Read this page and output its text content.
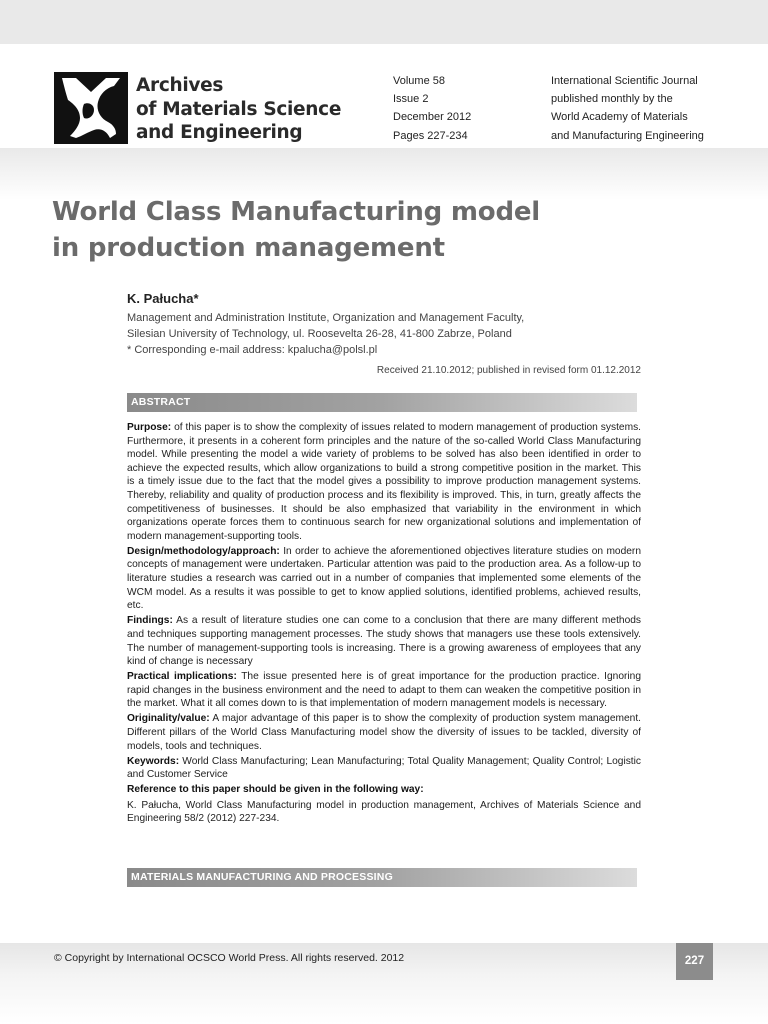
Archives
of Materials Science
and Engineering
Volume 58
Issue 2
December 2012
Pages 227-234
International Scientific Journal
published monthly by the
World Academy of Materials
and Manufacturing Engineering
World Class Manufacturing model
in production management
K. Pałucha*
Management and Administration Institute, Organization and Management Faculty,
Silesian University of Technology, ul. Roosevelta 26-28, 41-800 Zabrze, Poland
* Corresponding e-mail address: kpalucha@polsl.pl
Received 21.10.2012; published in revised form 01.12.2012
ABSTRACT

Purpose: of this paper is to show the complexity of issues related to modern management of production systems. Furthermore, it presents in a coherent form principles and the nature of the so-called World Class Manufacturing model. While presenting the model a wide variety of problems to be solved has also been identified in order to achieve the expected results, which allow organizations to build a strong competitive position in the market. This is a timely issue due to the fact that the model gives a possibility to improve production management systems. Thereby, reliability and quality of production process and its flexibility is improved. This, in turn, greatly affects the competitiveness of businesses. It should be also emphasized that variability in the environment in which organizations operate forces them to continuous search for new organizational solutions and implementation of modern management-supporting tools.

Design/methodology/approach: In order to achieve the aforementioned objectives literature studies on modern concepts of management were undertaken. Particular attention was paid to the production area. As a follow-up to literature studies a research was carried out in a number of companies that implemented some elements of the WCM model. As a results it was possible to get to know applied solutions, identified problems, achieved results, etc.

Findings: As a result of literature studies one can come to a conclusion that there are many different methods and techniques supporting management processes. The study shows that managers use these tools extensively. The number of management-supporting tools is increasing. There is a growing awareness of employees that any kind of change is necessary

Practical implications: The issue presented here is of great importance for the production practice. Ignoring rapid changes in the business environment and the need to adapt to them can weaken the competitive position in the market. What it all comes down to is that implementation of modern management models is necessary.

Originality/value: A major advantage of this paper is to show the complexity of production system management. Different pillars of the World Class Manufacturing model show the diversity of issues to be tackled, diversity of models, tools and techniques.

Keywords: World Class Manufacturing; Lean Manufacturing; Total Quality Management; Quality Control; Logistic and Customer Service

Reference to this paper should be given in the following way:

K. Pałucha, World Class Manufacturing model in production management, Archives of Materials Science and Engineering 58/2 (2012) 227-234.

MATERIALS MANUFACTURING AND PROCESSING
© Copyright by International OCSCO World Press. All rights reserved. 2012	227
